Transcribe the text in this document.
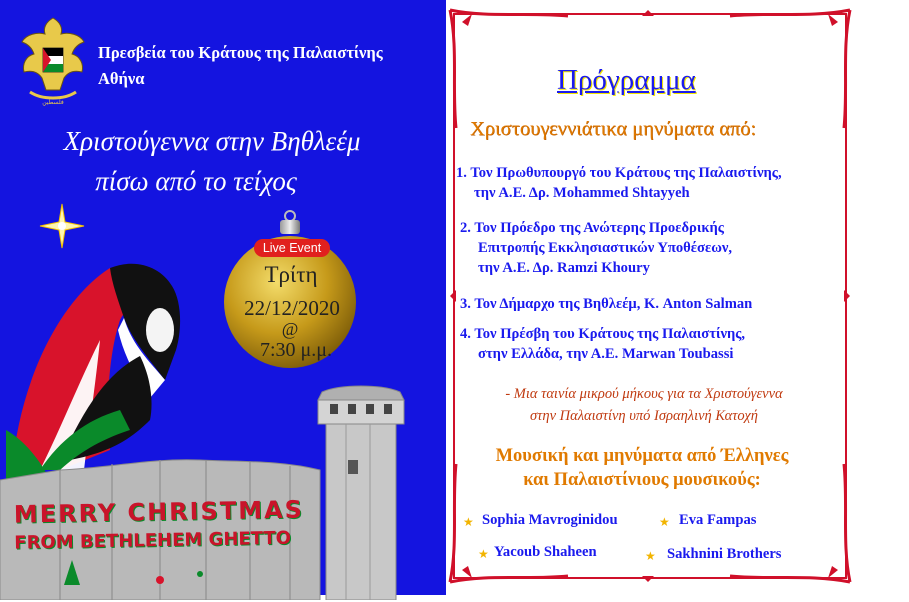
فلسطين
Πρεσβεία του Κράτους της Παλαιστίνης
Αθήνα
Χριστούγεννα στην Βηθλεέμ
πίσω από το τείχος
Live Event
Τρίτη
22/12/2020
@
7:30 μ.μ.
MERRY CHRISTMAS
FROM BETHLEHEM GHETTO
Πρόγραμμα
Χριστουγεννιάτικα μηνύματα από:
1. Τον Πρωθυπουργό του Κράτους της Παλαιστίνης,
την Α.Ε. Δρ. Mohammed Shtayyeh
2. Τον Πρόεδρο της Ανώτερης Προεδρικής
Επιτροπής Εκκλησιαστικών Υποθέσεων,
την Α.Ε. Δρ. Ramzi Khoury
3. Τον Δήμαρχο της Βηθλεέμ, Κ. Anton Salman
4. Τον Πρέσβη του Κράτους της Παλαιστίνης,
στην Ελλάδα, την Α.Ε. Marwan Toubassi
- Μια ταινία μικρού μήκους για τα Χριστούγεννα
στην Παλαιστίνη υπό Ισραηλινή Κατοχή
Μουσική και μηνύματα από Έλληνες
και Παλαιστίνιους μουσικούς:
★ Sophia Mavroginidou	★ Eva Fampas
★ Yacoub Shaheen	★ Sakhnini Brothers
